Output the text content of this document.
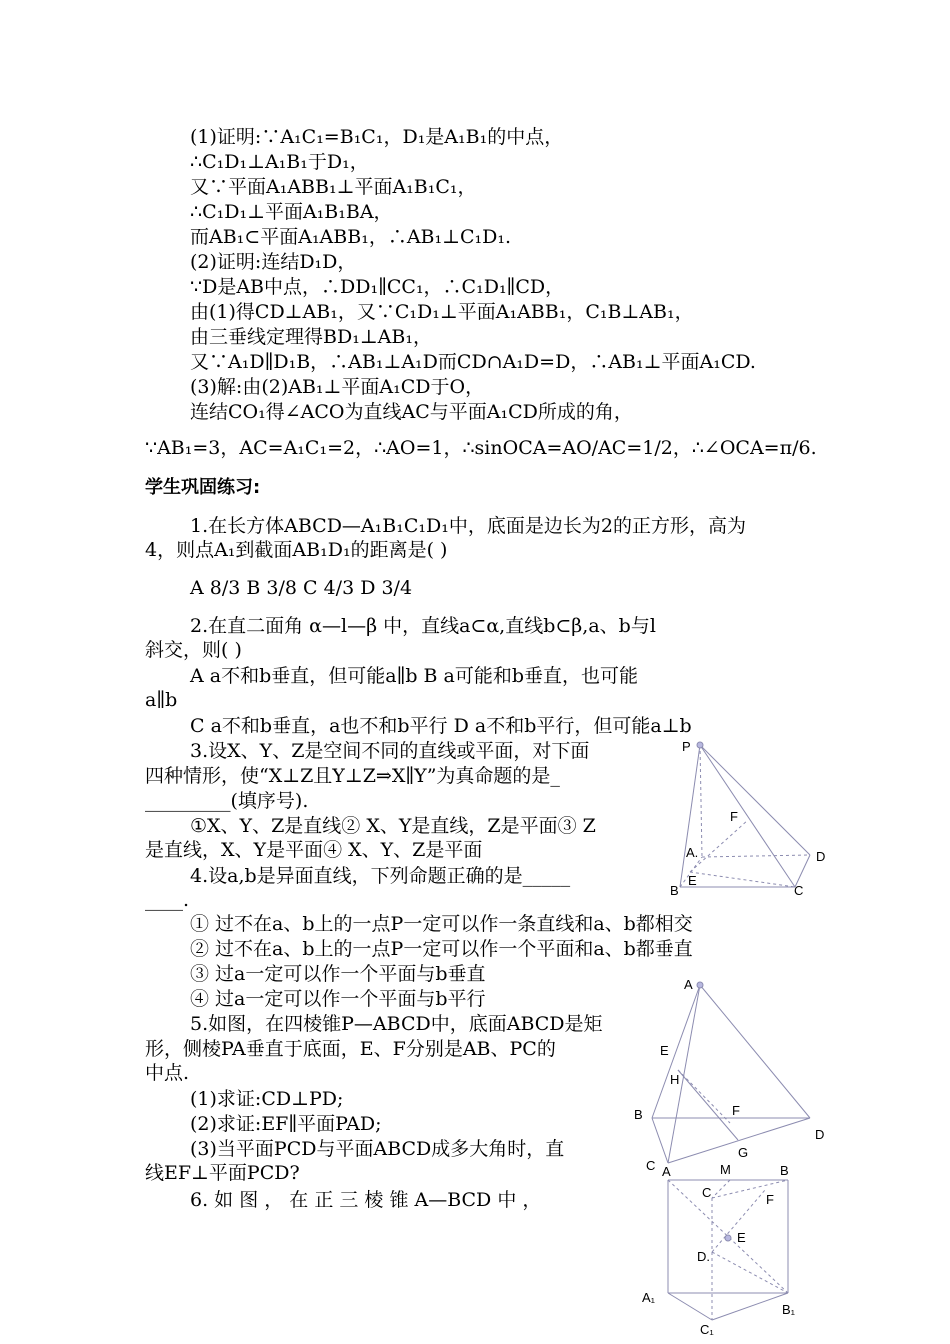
(1)证明:∵A₁C₁=B₁C₁，D₁是A₁B₁的中点，
∴C₁D₁⊥A₁B₁于D₁，
又∵平面A₁ABB₁⊥平面A₁B₁C₁，
∴C₁D₁⊥平面A₁B₁BA，
而AB₁⊂平面A₁ABB₁，∴AB₁⊥C₁D₁.
(2)证明:连结D₁D，
∵D是AB中点，∴DD₁∥CC₁，∴C₁D₁∥CD，
由(1)得CD⊥AB₁，又∵C₁D₁⊥平面A₁ABB₁，C₁B⊥AB₁，
由三垂线定理得BD₁⊥AB₁，
又∵A₁D∥D₁B，∴AB₁⊥A₁D而CD∩A₁D=D，∴AB₁⊥平面A₁CD.
(3)解:由(2)AB₁⊥平面A₁CD于O，
连结CO₁得∠ACO为直线AC与平面A₁CD所成的角，
∵AB₁=3，AC=A₁C₁=2，∴AO=1，∴sinOCA=AO/AC=1/2，∴∠OCA=π/6.
学生巩固练习:
1.在长方体ABCD—A₁B₁C₁D₁中，底面是边长为2的正方形，高为
4，则点A₁到截面AB₁D₁的距离是( )
A 8/3 B 3/8 C 4/3 D 3/4
2.在直二面角 α—l—β 中，直线a⊂α,直线b⊂β,a、b与l
斜交，则( )
A a不和b垂直，但可能a∥b B a可能和b垂直，也可能
a∥b
C a不和b垂直，a也不和b平行 D a不和b平行，但可能a⊥b
3.设X、Y、Z是空间不同的直线或平面，对下面
四种情形，使“X⊥Z且Y⊥Z⇒X∥Y”为真命题的是_
_________(填序号).
①X、Y、Z是直线② X、Y是直线，Z是平面③ Z
是直线，X、Y是平面④ X、Y、Z是平面
4.设a,b是异面直线，下列命题正确的是_____
____.
① 过不在a、b上的一点P一定可以作一条直线和a、b都相交
② 过不在a、b上的一点P一定可以作一个平面和a、b都垂直
③ 过a一定可以作一个平面与b垂直
④ 过a一定可以作一个平面与b平行
5.如图，在四棱锥P—ABCD中，底面ABCD是矩
形，侧棱PA垂直于底面，E、F分别是AB、PC的
中点.
(1)求证:CD⊥PD;
(2)求证:EF∥平面PAD;
(3)当平面PCD与平面ABCD成多大角时，直
线EF⊥平面PCD?
6. 如 图 ， 在 正 三 棱 锥 A—BCD 中 ，
P
F
A.	D
E
B	C
A
E
H
F
B
D
G
C A	M	B
C	F
E
D.
A₁
B₁
C₁
